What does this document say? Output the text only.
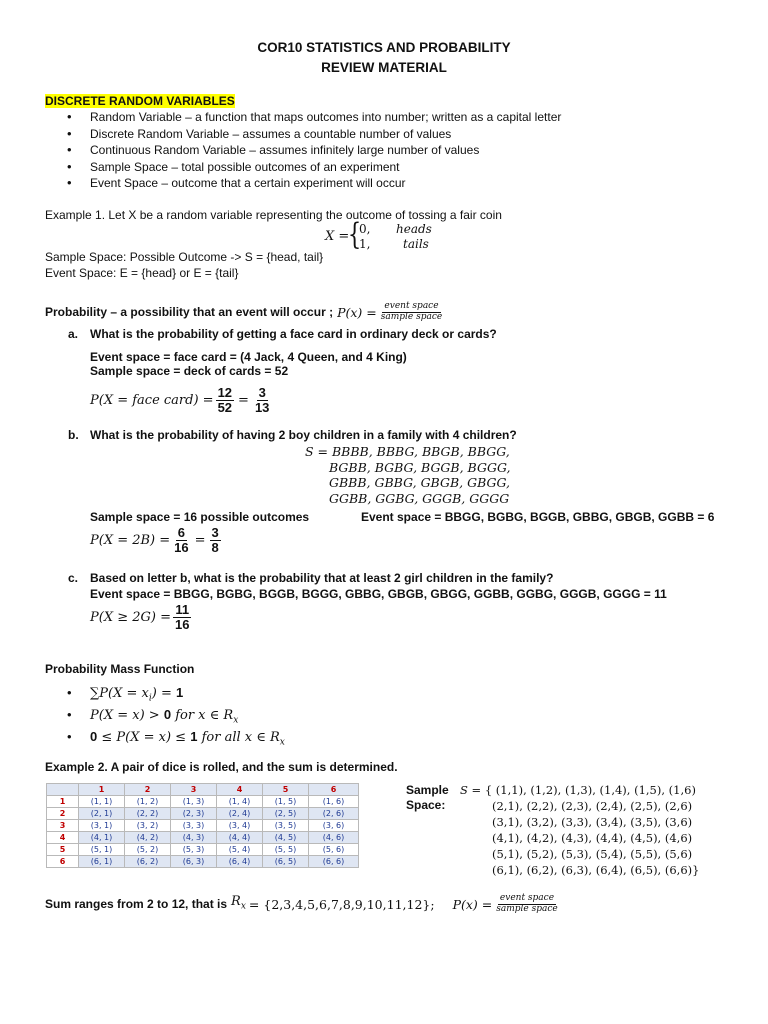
COR10 STATISTICS AND PROBABILITY
REVIEW MATERIAL
DISCRETE RANDOM VARIABLES
• Random Variable – a function that maps outcomes into number; written as a capital letter
• Discrete Random Variable – assumes a countable number of values
• Continuous Random Variable – assumes infinitely large number of values
• Sample Space – total possible outcomes of an experiment
• Event Space – outcome that a certain experiment will occur
Example 1. Let X be a random variable representing the outcome of tossing a fair coin
X =
{
0, heads
1,	tails
Sample Space: Possible Outcome -> S = {head, tail}
Event Space: E = {head} or E = {tail}
Probability – a possibility that an event will occur ; $P(x) = \frac{\text{event space}}{\text{sample space}}$
a. What is the probability of getting a face card in ordinary deck or cards?
Event space = face card = (4 Jack, 4 Queen, and 4 King)
Sample space = deck of cards = 52
P(X = face card) = $\frac{12}{52} = \frac{3}{13}$
b. What is the probability of having 2 boy children in a family with 4 children?
S = BBBB, BBBG, BBGB, BBGG,
BGBB, BGBG, BGGB, BGGG,
GBBB, GBBG, GBGB, GBGG,
GGBB, GGBG, GGGB, GGGG
Sample space = 16 possible outcomes	Event space = BBGG, BGBG, BGGB, GBBG, GBGB, GGBB = 6
$P(X = 2B) = \frac{6}{16} = \frac{3}{8}$
c. Based on letter b, what is the probability that at least 2 girl children in the family?
Event space = BBGG, BGBG, BGGB, BGGG, GBBG, GBGB, GBGG, GGBB, GGBG, GGGB, GGGG = 11
$P(X \ge 2G) = \frac{11}{16}$
Probability Mass Function
• $\sum P(X = x_i) = 1$
• P(X = x) > 0 for x ∈ $R_x$
• 0 ≤ P(X = x) ≤ 1 for all x ∈ $R_x$
Example 2. A pair of dice is rolled, and the sum is determined.
	1	2	3	4	5	6
1	(1, 1)	(1, 2)	(1, 3)	(1, 4)	(1, 5)	(1, 6)
2	(2, 1)	(2, 2)	(2, 3)	(2, 4)	(2, 5)	(2, 6)
3	(3, 1)	(3, 2)	(3, 3)	(3, 4)	(3, 5)	(3, 6)
4	(4, 1)	(4, 2)	(4, 3)	(4, 4)	(4, 5)	(4, 6)
5	(5, 1)	(5, 2)	(5, 3)	(5, 4)	(5, 5)	(5, 6)
6	(6, 1)	(6, 2)	(6, 3)	(6, 4)	(6, 5)	(6, 6)
Sample
Space:
S = { (1,1), (1,2), (1,3), (1,4), (1,5), (1,6)
(2,1), (2,2), (2,3), (2,4), (2,5), (2,6)
(3,1), (3,2), (3,3), (3,4), (3,5), (3,6)
(4,1), (4,2), (4,3), (4,4), (4,5), (4,6)
(5,1), (5,2), (5,3), (5,4), (5,5), (5,6)
(6,1), (6,2), (6,3), (6,4), (6,5), (6,6)}
Sum ranges from 2 to 12, that is $R_x = \{2,3,4,5,6,7,8,9,10,11,12\}$; $P(x) = \frac{\text{event space}}{\text{sample space}}$
